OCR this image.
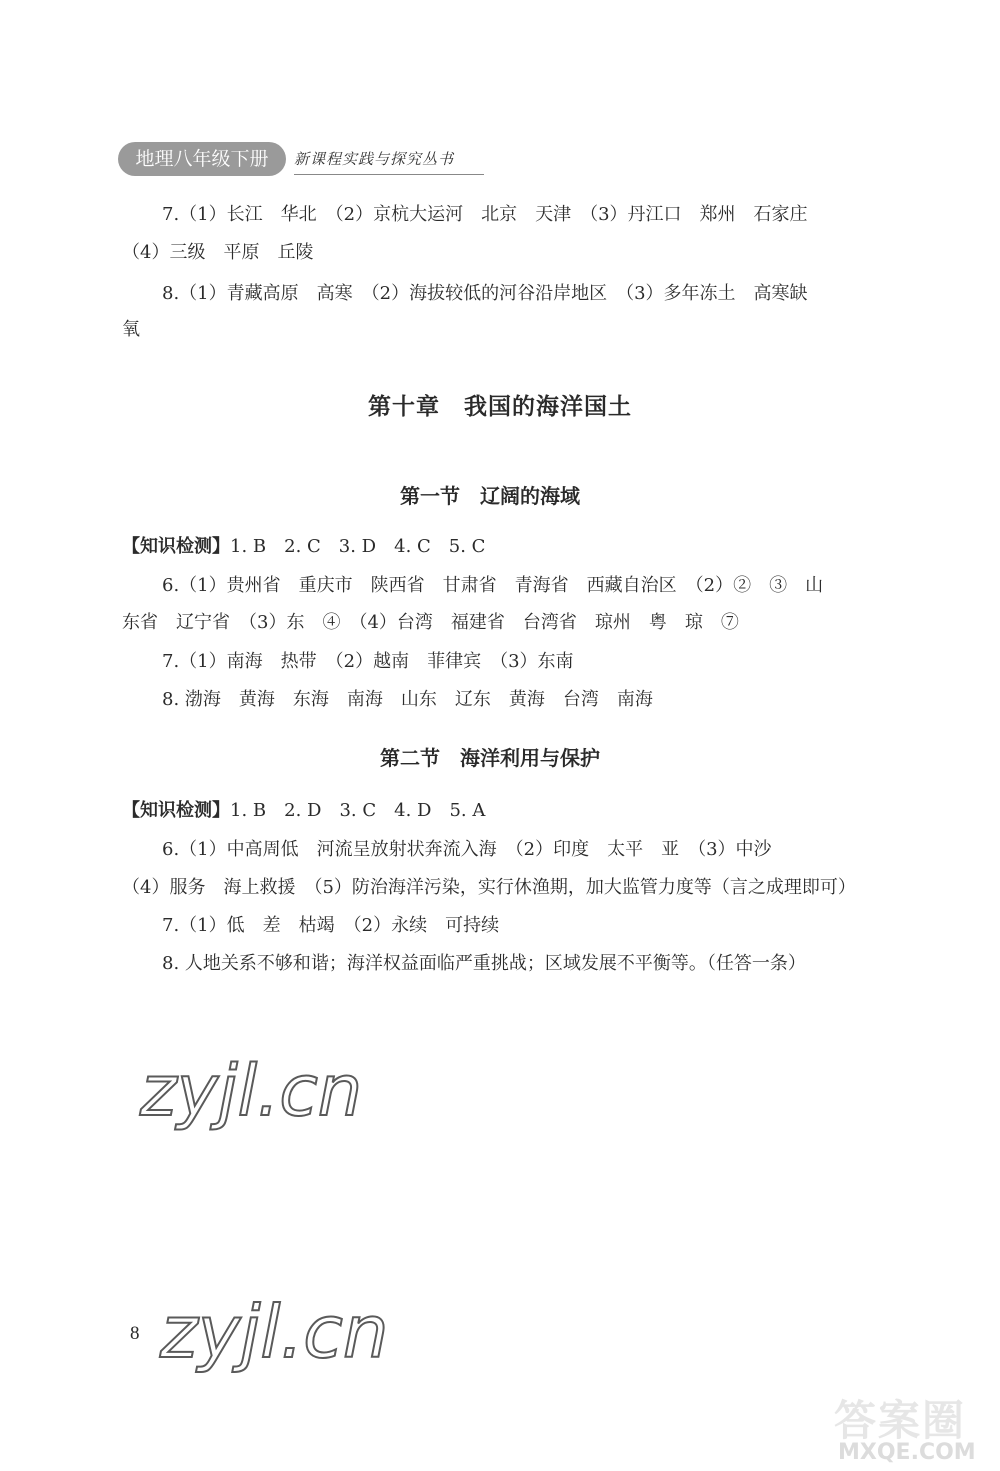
地理八年级下册	新课程实践与探究丛书
7.（1）长江　华北　（2）京杭大运河　北京　天津　（3）丹江口　郑州　石家庄
（4）三级　平原　丘陵
8.（1）青藏高原　高寒　（2）海拔较低的河谷沿岸地区　（3）多年冻土　高寒缺
氧
第十章　我国的海洋国土
第一节　辽阔的海域
【知识检测】1. B　2. C　3. D　4. C　5. C
6.（1）贵州省　重庆市　陕西省　甘肃省　青海省　西藏自治区　（2）②　③　山
东省　辽宁省　（3）东　④　（4）台湾　福建省　台湾省　琼州　粤　琼　⑦
7.（1）南海　热带　（2）越南　菲律宾　（3）东南
8. 渤海　黄海　东海　南海　山东　辽东　黄海　台湾　南海
第二节　海洋利用与保护
【知识检测】1. B　2. D　3. C　4. D　5. A
6.（1）中高周低　河流呈放射状奔流入海　（2）印度　太平　亚　（3）中沙
（4）服务　海上救援　（5）防治海洋污染，实行休渔期，加大监管力度等（言之成理即可）
7.（1）低　差　枯竭　（2）永续　可持续
8. 人地关系不够和谐；海洋权益面临严重挑战；区域发展不平衡等。（任答一条）
zyjl.cn
zyjl.cn
8
答案圈
MXQE.COM
